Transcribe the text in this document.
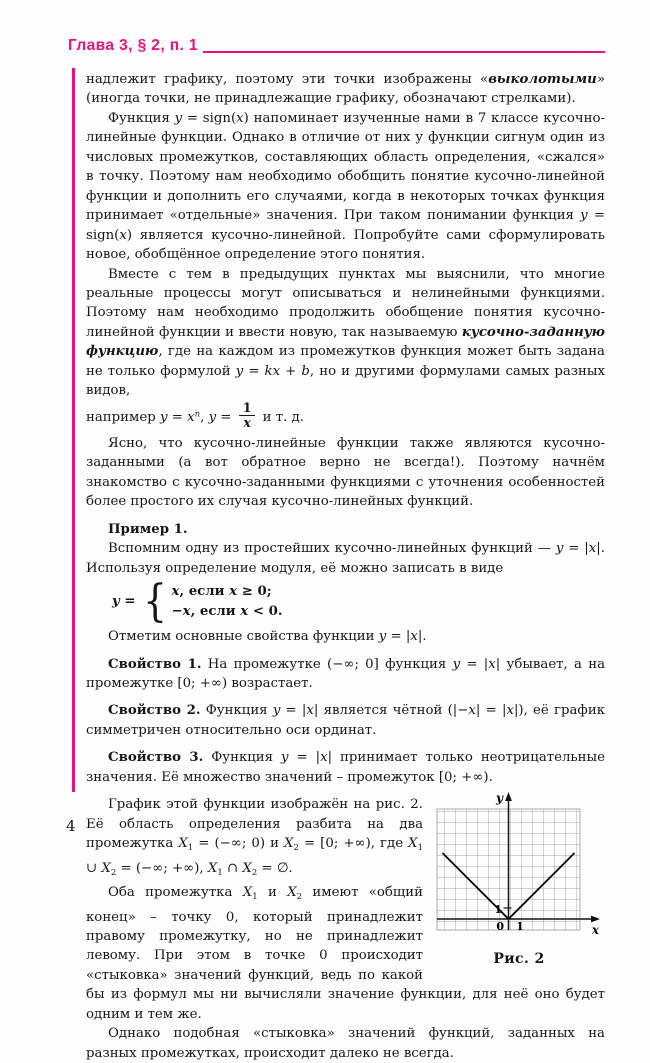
Глава 3, § 2, п. 1

надлежит графику, поэтому эти точки изображены «выколотыми» (иногда точки, не принадлежащие графику, обозначают стрелками).

Функция y = sign(x) напоминает изученные нами в 7 классе кусочно-линейные функции. Однако в отличие от них у функции сигнум один из числовых промежутков, составляющих область определения, «сжался» в точку. Поэтому нам необходимо обобщить понятие кусочно-линейной функции и дополнить его случаями, когда в некоторых точках функция принимает «отдельные» значения. При таком понимании функция y = sign(x) является кусочно-линейной. Попробуйте сами сформулировать новое, обобщённое определение этого понятия.

Вместе с тем в предыдущих пунктах мы выяснили, что многие реальные процессы могут описываться и нелинейными функциями. Поэтому нам необходимо продолжить обобщение понятия кусочно-линейной функции и ввести новую, так называемую кусочно-заданную функцию, где на каждом из промежутков функция может быть задана не только формулой y = kx + b, но и другими формулами самых разных видов,

например $y = x^n$, $y = \frac{1}{x}$ и т. д.

Ясно, что кусочно-линейные функции также являются кусочно-заданными (а вот обратное верно не всегда!). Поэтому начнём знакомство с кусочно-заданными функциями с уточнения особенностей более простого их случая кусочно-линейных функций.

Пример 1.

Вспомним одну из простейших кусочно-линейных функций — y = |x|. Используя определение модуля, её можно записать в виде

y = { x, если x ≥ 0;
−x, если x < 0.

Отметим основные свойства функции y = |x|.

Свойство 1. На промежутке (−∞; 0] функция y = |x| убывает, а на промежутке [0; +∞) возрастает.

Свойство 2. Функция y = |x| является чётной (|−x| = |x|), её график симметричен относительно оси ординат.

Свойство 3. Функция y = |x| принимает только неотрицательные значения. Её множество значений – промежуток [0; +∞).

y
x
0 1
1
Рис. 2

График этой функции изображён на рис. 2. Её область определения разбита на два промежутка $X_1$ = (−∞; 0) и $X_2 = [0$; +∞), где $X_1$ ∪ $X_2$ = (−∞; +∞), $X_1$ ∩ $X_2$ = ∅.

Оба промежутка $X_1$ и $X_2$ имеют «общий конец» – точку 0, который принадлежит правому промежутку, но не принадлежит левому. При этом в точке 0 происходит «стыковка» значений функций, ведь по какой бы из формул мы ни вычисляли значение функции, для неё оно будет одним и тем же.

Однако подобная «стыковка» значений функций, заданных на разных промежутках, происходит далеко не всегда.

4
